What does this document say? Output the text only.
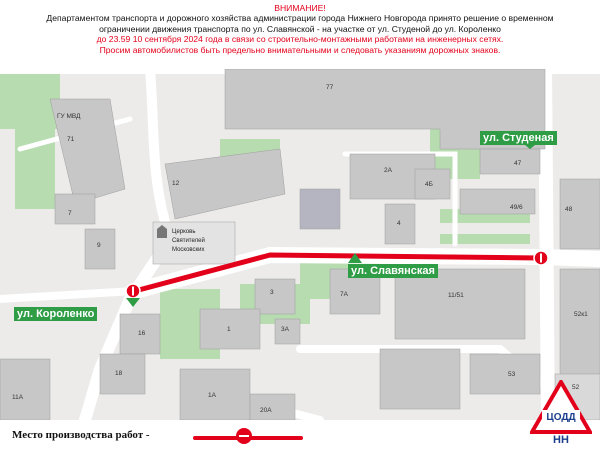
ВНИМАНИЕ!
Департаментом транспорта и дорожного хозяйства администрации города Нижнего Новгорода принято решение о временном
ограничении движения транспорта по ул. Славянской - на участке от ул. Студеной до ул. Короленко
до 23.59 10 сентября 2024 года в связи со строительно-монтажными работами на инженерных сетях.
Просим автомобилистов быть предельно внимательными и следовать указаниям дорожных знаков.
77
ГУ МВД
71
12
7
9
2А
4Б
47
4
49/6	48
3	7А	11/51
52к1
1	3А
16
18
11А	1А
20А
53
52
Церковь
Святителей
Московских
ул. Студеная
ул. Славянская
ул. Короленко
Место производства работ -
ЦОДД
НН
